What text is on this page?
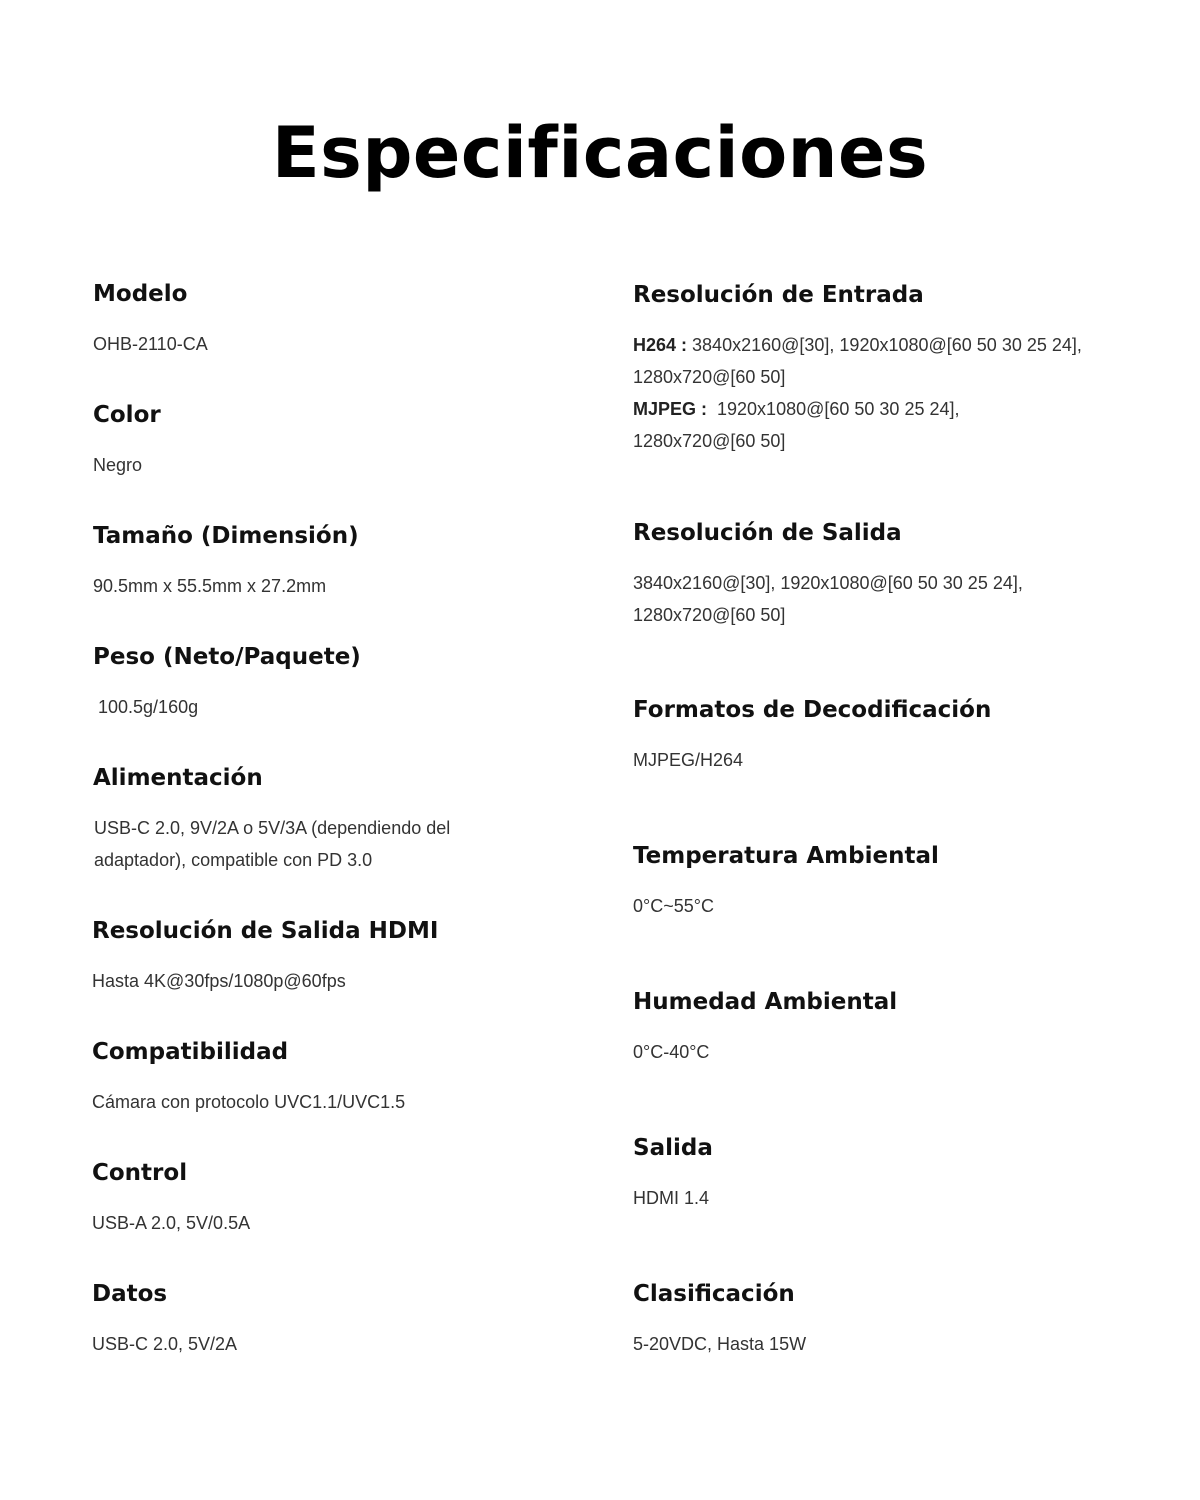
Especificaciones
Modelo
OHB-2110-CA
Color
Negro
Tamaño (Dimensión)
90.5mm x 55.5mm x 27.2mm
Peso (Neto/Paquete)
100.5g/160g
Alimentación
USB-C 2.0, 9V/2A o 5V/3A (dependiendo del adaptador), compatible con PD 3.0
Resolución de Salida HDMI
Hasta 4K@30fps/1080p@60fps
Compatibilidad
Cámara con protocolo UVC1.1/UVC1.5
Control
USB-A 2.0, 5V/0.5A
Datos
USB-C 2.0, 5V/2A
Resolución de Entrada
H264 : 3840x2160@[30], 1920x1080@[60 50 30 25 24], 1280x720@[60 50]
MJPEG :  1920x1080@[60 50 30 25 24], 1280x720@[60 50]
Resolución de Salida
3840x2160@[30], 1920x1080@[60 50 30 25 24], 1280x720@[60 50]
Formatos de Decodificación
MJPEG/H264
Temperatura Ambiental
0°C~55°C
Humedad Ambiental
0°C-40°C
Salida
HDMI 1.4
Clasificación
5-20VDC, Hasta 15W
